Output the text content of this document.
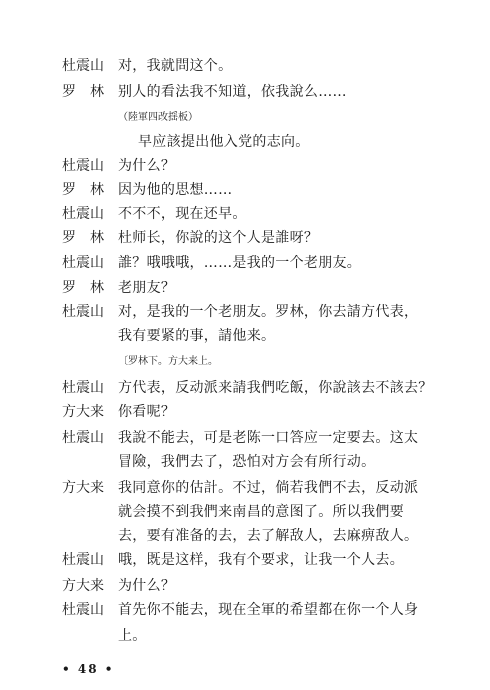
杜震山	对，我就問这个。
罗　林	别人的看法我不知道，依我說么……
（陸軍四改揺板）
早应該提出他入党的志向。
杜震山	为什么？
罗　林	因为他的思想……
杜震山	不不不，现在还早。
罗　林	杜师长，你說的这个人是誰呀？
杜震山	誰？哦哦哦，……是我的一个老朋友。
罗　林	老朋友？
杜震山	对，是我的一个老朋友。罗林，你去請方代表，
我有要紧的事，請他来。
〔罗林下。方大来上。
杜震山	方代表，反动派来請我們吃飯，你說該去不該去？
方大来	你看呢？
杜震山	我說不能去，可是老陈一口答应一定要去。这太
冒險，我們去了，恐怕对方会有所行动。
方大来	我同意你的估計。不过，倘若我們不去，反动派
就会摸不到我們来南昌的意图了。所以我們要
去，要有准备的去，去了解敌人，去麻痹敌人。
杜震山	哦，既是这样，我有个要求，让我一个人去。
方大来	为什么？
杜震山	首先你不能去，现在全軍的希望都在你一个人身
上。
• 48 •
